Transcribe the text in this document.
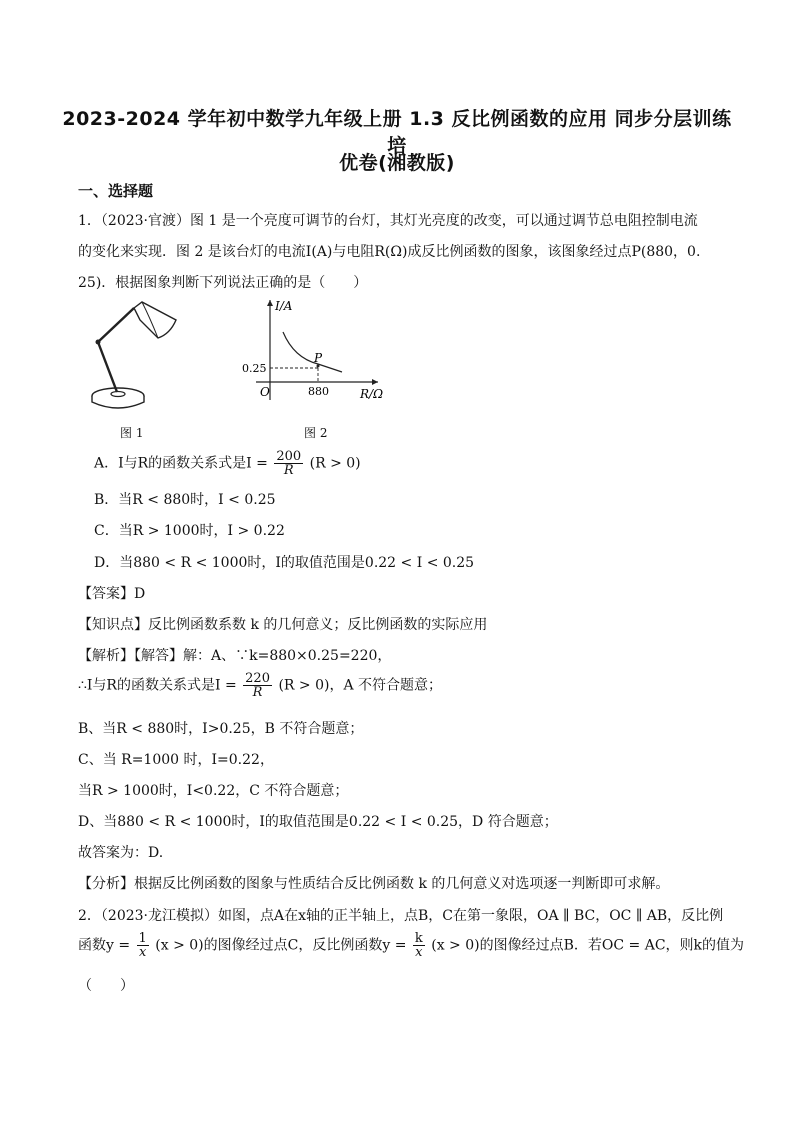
2023-2024 学年初中数学九年级上册 1.3 反比例函数的应用 同步分层训练培
优卷(湘教版)
一、选择题
1．（2023·官渡）图 1 是一个亮度可调节的台灯，其灯光亮度的改变，可以通过调节总电阻控制电流
的变化来实现．图 2 是该台灯的电流I(A)与电阻R(Ω)成反比例函数的图象，该图象经过点P(880，0.
25)．根据图象判断下列说法正确的是（　　）
图 1
I/A
R/Ω
O
P
880
0.25
图 2
A．I与R的函数关系式是$I = \frac{200}{R} (R > 0)$
B．当R < 880时，I < 0.25
C．当R > 1000时，I > 0.22
D．当880 < R < 1000时，I的取值范围是0.22 < I < 0.25
【答案】D
【知识点】反比例函数系数 k 的几何意义；反比例函数的实际应用
【解析】【解答】解：A、∵k=880×0.25=220，
∴I与R的函数关系式是$I = \frac{220}{R} (R > 0)$，A 不符合题意；
B、当R < 880时，I>0.25，B 不符合题意；
C、当 R=1000 时，I=0.22，
当R > 1000时，I<0.22，C 不符合题意；
D、当880 < R < 1000时，I的取值范围是0.22 < I < 0.25，D 符合题意；
故答案为：D.
【分析】根据反比例函数的图象与性质结合反比例函数 k 的几何意义对选项逐一判断即可求解。
2．（2023·龙江模拟）如图，点A在x轴的正半轴上，点B，C在第一象限，OA ∥ BC，OC ∥ AB，反比例
函数$y = \frac{1}{x} (x > 0)$的图像经过点C，反比例函数$y = \frac{k}{x} (x > 0)$的图像经过点B．若OC = AC，则k的值为
（　　）
